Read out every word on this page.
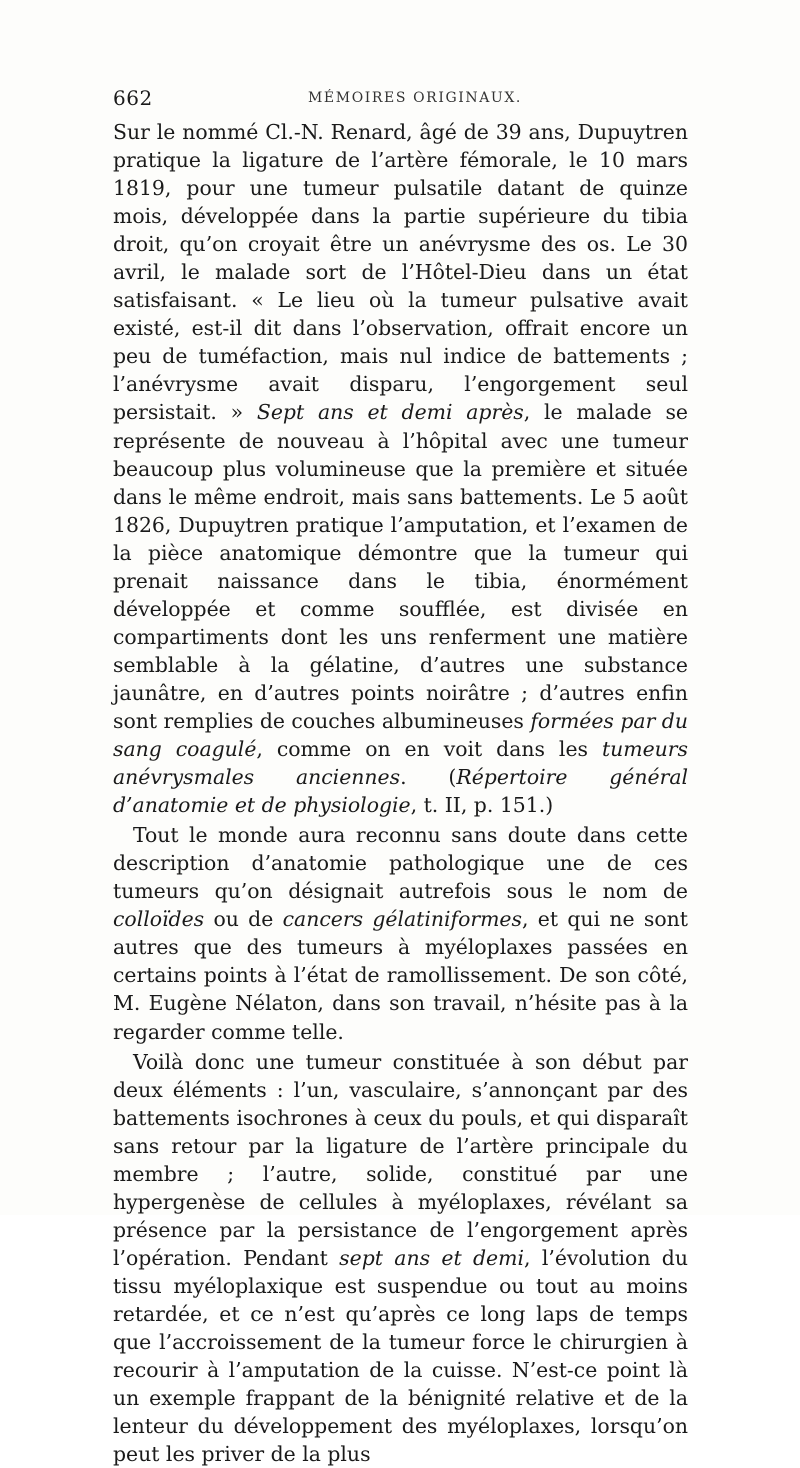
662	MÉMOIRES ORIGINAUX.

Sur le nommé Cl.-N. Renard, âgé de 39 ans, Dupuytren pratique la ligature de l’artère fémorale, le 10 mars 1819, pour une tumeur pulsatile datant de quinze mois, développée dans la partie supérieure du tibia droit, qu’on croyait être un anévrysme des os. Le 30 avril, le malade sort de l’Hôtel-Dieu dans un état satisfaisant. « Le lieu où la tumeur pulsative avait existé, est-il dit dans l’observation, offrait encore un peu de tuméfaction, mais nul indice de battements ; l’anévrysme avait disparu, l’engorgement seul persistait. » Sept ans et demi après, le malade se représente de nouveau à l’hôpital avec une tumeur beaucoup plus volumineuse que la première et située dans le même endroit, mais sans battements. Le 5 août 1826, Dupuytren pratique l’amputation, et l’examen de la pièce anatomique démontre que la tumeur qui prenait naissance dans le tibia, énormément développée et comme soufflée, est divisée en compartiments dont les uns renferment une matière semblable à la gélatine, d’autres une substance jaunâtre, en d’autres points noirâtre ; d’autres enfin sont remplies de couches albumineuses formées par du sang coagulé, comme on en voit dans les tumeurs anévrysmales anciennes. (Répertoire général d’anatomie et de physiologie, t. II, p. 151.)

Tout le monde aura reconnu sans doute dans cette description d’anatomie pathologique une de ces tumeurs qu’on désignait autrefois sous le nom de colloïdes ou de cancers gélatiniformes, et qui ne sont autres que des tumeurs à myéloplaxes passées en certains points à l’état de ramollissement. De son côté, M. Eugène Nélaton, dans son travail, n’hésite pas à la regarder comme telle.

Voilà donc une tumeur constituée à son début par deux éléments : l’un, vasculaire, s’annonçant par des battements isochrones à ceux du pouls, et qui disparaît sans retour par la ligature de l’artère principale du membre ; l’autre, solide, constitué par une hypergenèse de cellules à myéloplaxes, révélant sa présence par la persistance de l’engorgement après l’opération. Pendant sept ans et demi, l’évolution du tissu myéloplaxique est suspendue ou tout au moins retardée, et ce n’est qu’après ce long laps de temps que l’accroissement de la tumeur force le chirurgien à recourir à l’amputation de la cuisse. N’est-ce point là un exemple frappant de la bénignité relative et de la lenteur du développement des myéloplaxes, lorsqu’on peut les priver de la plus
